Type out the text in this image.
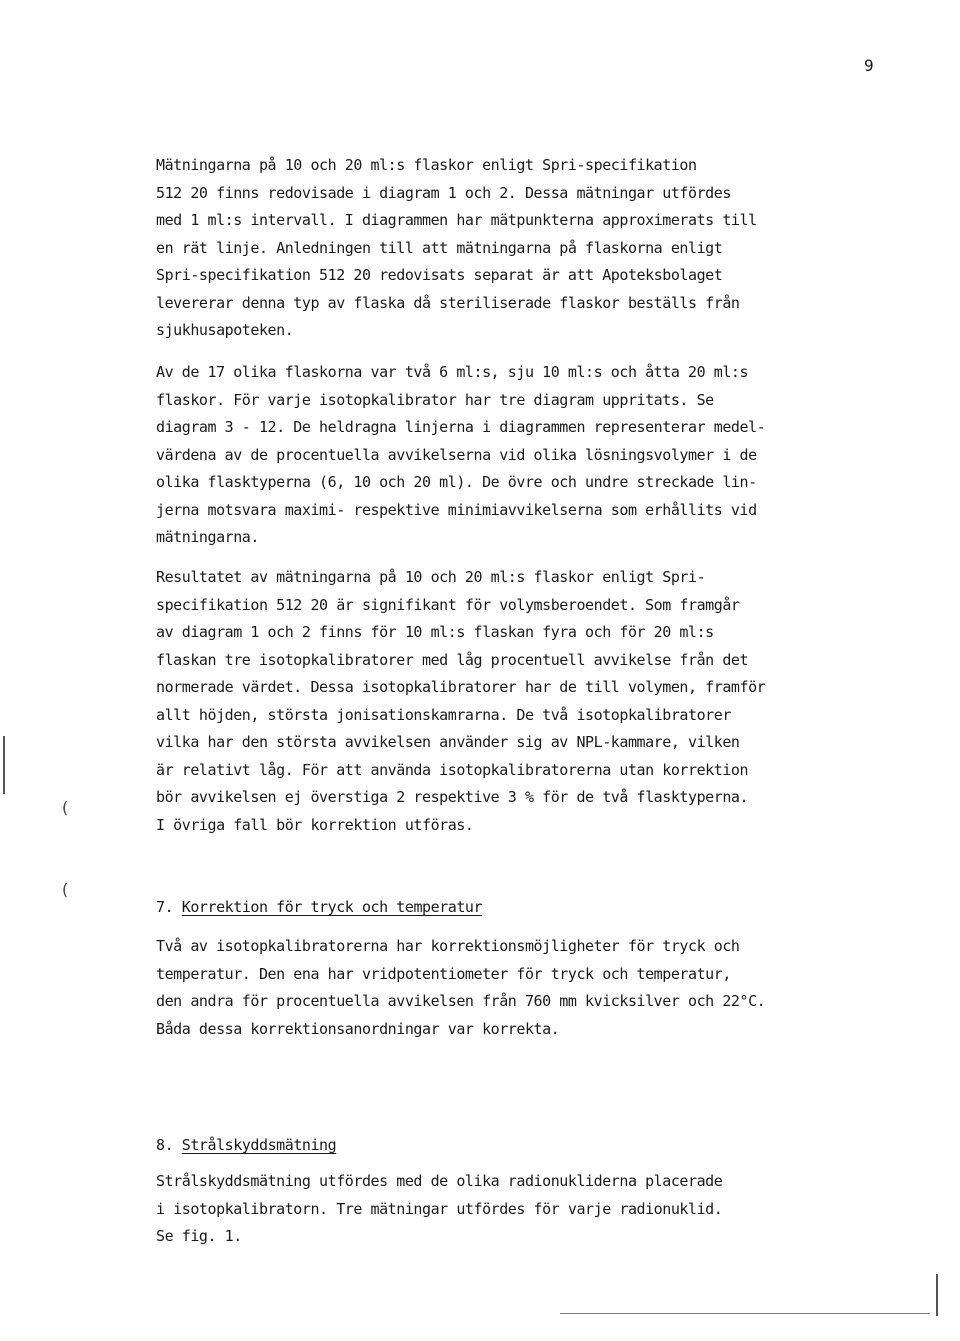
9
Mätningarna på 10 och 20 ml:s flaskor enligt Spri-specifikation
512 20 finns redovisade i diagram 1 och 2. Dessa mätningar utfördes
med 1 ml:s intervall. I diagrammen har mätpunkterna approximerats till
en rät linje. Anledningen till att mätningarna på flaskorna enligt
Spri-specifikation 512 20 redovisats separat är att Apoteksbolaget
levererar denna typ av flaska då steriliserade flaskor beställs från
sjukhusapoteken.
Av de 17 olika flaskorna var två 6 ml:s, sju 10 ml:s och åtta 20 ml:s
flaskor. För varje isotopkalibrator har tre diagram uppritats. Se
diagram 3 - 12. De heldragna linjerna i diagrammen representerar medel-
värdena av de procentuella avvikelserna vid olika lösningsvolymer i de
olika flasktyperna (6, 10 och 20 ml). De övre och undre streckade lin-
jerna motsvara maximi- respektive minimiavvikelserna som erhållits vid
mätningarna.
Resultatet av mätningarna på 10 och 20 ml:s flaskor enligt Spri-
specifikation 512 20 är signifikant för volymsberoendet. Som framgår
av diagram 1 och 2 finns för 10 ml:s flaskan fyra och för 20 ml:s
flaskan tre isotopkalibratorer med låg procentuell avvikelse från det
normerade värdet. Dessa isotopkalibratorer har de till volymen, framför
allt höjden, största jonisationskamrarna. De två isotopkalibratorer
vilka har den största avvikelsen använder sig av NPL-kammare, vilken
är relativt låg. För att använda isotopkalibratorerna utan korrektion
bör avvikelsen ej överstiga 2 respektive 3 % för de två flasktyperna.
I övriga fall bör korrektion utföras.
7. Korrektion för tryck och temperatur
Två av isotopkalibratorerna har korrektionsmöjligheter för tryck och
temperatur. Den ena har vridpotentiometer för tryck och temperatur,
den andra för procentuella avvikelsen från 760 mm kvicksilver och 22°C.
Båda dessa korrektionsanordningar var korrekta.
8. Strålskyddsmätning
Strålskyddsmätning utfördes med de olika radionukliderna placerade
i isotopkalibratorn. Tre mätningar utfördes för varje radionuklid.
Se fig. 1.
(
(
